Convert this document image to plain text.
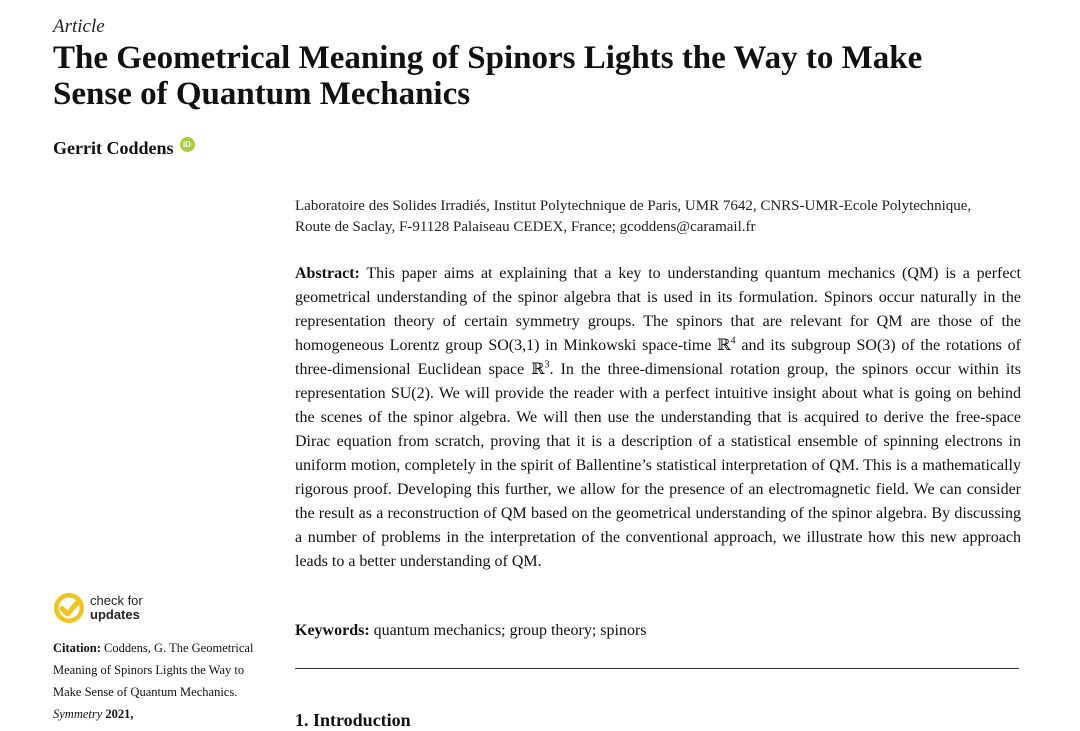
Article
The Geometrical Meaning of Spinors Lights the Way to Make
Sense of Quantum Mechanics
Gerrit Coddens	iD
Laboratoire des Solides Irradiés, Institut Polytechnique de Paris, UMR 7642, CNRS-UMR-Ecole Polytechnique,
Route de Saclay, F-91128 Palaiseau CEDEX, France; gcoddens@caramail.fr
Abstract: This paper aims at explaining that a key to understanding quantum mechanics (QM) is a perfect geometrical understanding of the spinor algebra that is used in its formulation. Spinors occur naturally in the representation theory of certain symmetry groups. The spinors that are relevant for QM are those of the homogeneous Lorentz group SO(3,1) in Minkowski space-time ℝ$^4$ and its subgroup SO(3) of the rotations of three-dimensional Euclidean space ℝ$^3$. In the three-dimensional rotation group, the spinors occur within its representation SU(2). We will provide the reader with a perfect intuitive insight about what is going on behind the scenes of the spinor algebra. We will then use the understanding that is acquired to derive the free-space Dirac equation from scratch, proving that it is a description of a statistical ensemble of spinning electrons in uniform motion, completely in the spirit of Ballentine’s statistical interpretation of QM. This is a mathematically rigorous proof. Developing this further, we allow for the presence of an electromagnetic field. We can consider the result as a reconstruction of QM based on the geometrical understanding of the spinor algebra. By discussing a number of problems in the interpretation of the conventional approach, we illustrate how this new approach leads to a better understanding of QM.
Keywords: quantum mechanics; group theory; spinors
1. Introduction
check for
updates
Citation: Coddens, G. The Geometrical Meaning of Spinors Lights the Way to Make Sense of Quantum Mechanics. Symmetry 2021,
